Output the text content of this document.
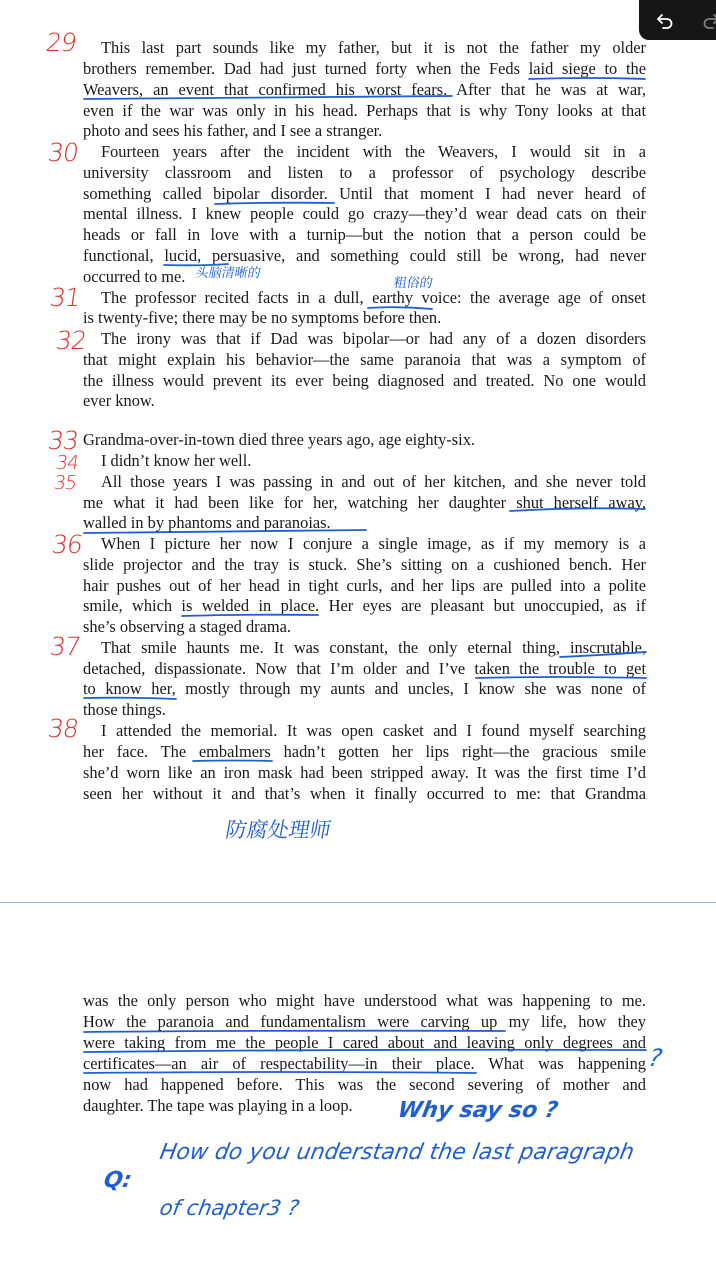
This last part sounds like my father, but it is not the father my older
brothers remember. Dad had just turned forty when the Feds laid siege to the
Weavers, an event that confirmed his worst fears. After that he was at war,
even if the war was only in his head. Perhaps that is why Tony looks at that
photo and sees his father, and I see a stranger.
Fourteen years after the incident with the Weavers, I would sit in a
university classroom and listen to a professor of psychology describe
something called bipolar disorder. Until that moment I had never heard of
mental illness. I knew people could go crazy—they’d wear dead cats on their
heads or fall in love with a turnip—but the notion that a person could be
functional, lucid, persuasive, and something could still be wrong, had never
occurred to me.
The professor recited facts in a dull, earthy voice: the average age of onset
is twenty-five; there may be no symptoms before then.
The irony was that if Dad was bipolar—or had any of a dozen disorders
that might explain his behavior—the same paranoia that was a symptom of
the illness would prevent its ever being diagnosed and treated. No one would
ever know.
Grandma-over-in-town died three years ago, age eighty-six.
I didn’t know her well.
All those years I was passing in and out of her kitchen, and she never told
me what it had been like for her, watching her daughter shut herself away,
walled in by phantoms and paranoias.
When I picture her now I conjure a single image, as if my memory is a
slide projector and the tray is stuck. She’s sitting on a cushioned bench. Her
hair pushes out of her head in tight curls, and her lips are pulled into a polite
smile, which is welded in place. Her eyes are pleasant but unoccupied, as if
she’s observing a staged drama.
That smile haunts me. It was constant, the only eternal thing, inscrutable,
detached, dispassionate. Now that I’m older and I’ve taken the trouble to get
to know her, mostly through my aunts and uncles, I know she was none of
those things.
I attended the memorial. It was open casket and I found myself searching
her face. The embalmers hadn’t gotten her lips right—the gracious smile
she’d worn like an iron mask had been stripped away. It was the first time I’d
seen her without it and that’s when it finally occurred to me: that Grandma
was the only person who might have understood what was happening to me.
How the paranoia and fundamentalism were carving up my life, how they
were taking from me the people I cared about and leaving only degrees and
certificates—an air of respectability—in their place. What was happening
now had happened before. This was the second severing of mother and
daughter. The tape was playing in a loop.
29
30
31
32
33
34
35
36
37
38
头脑清晰的
粗俗的
防腐处理师
?
Why say so ?
Q:
How do you understand the last paragraph
of chapter3 ?
